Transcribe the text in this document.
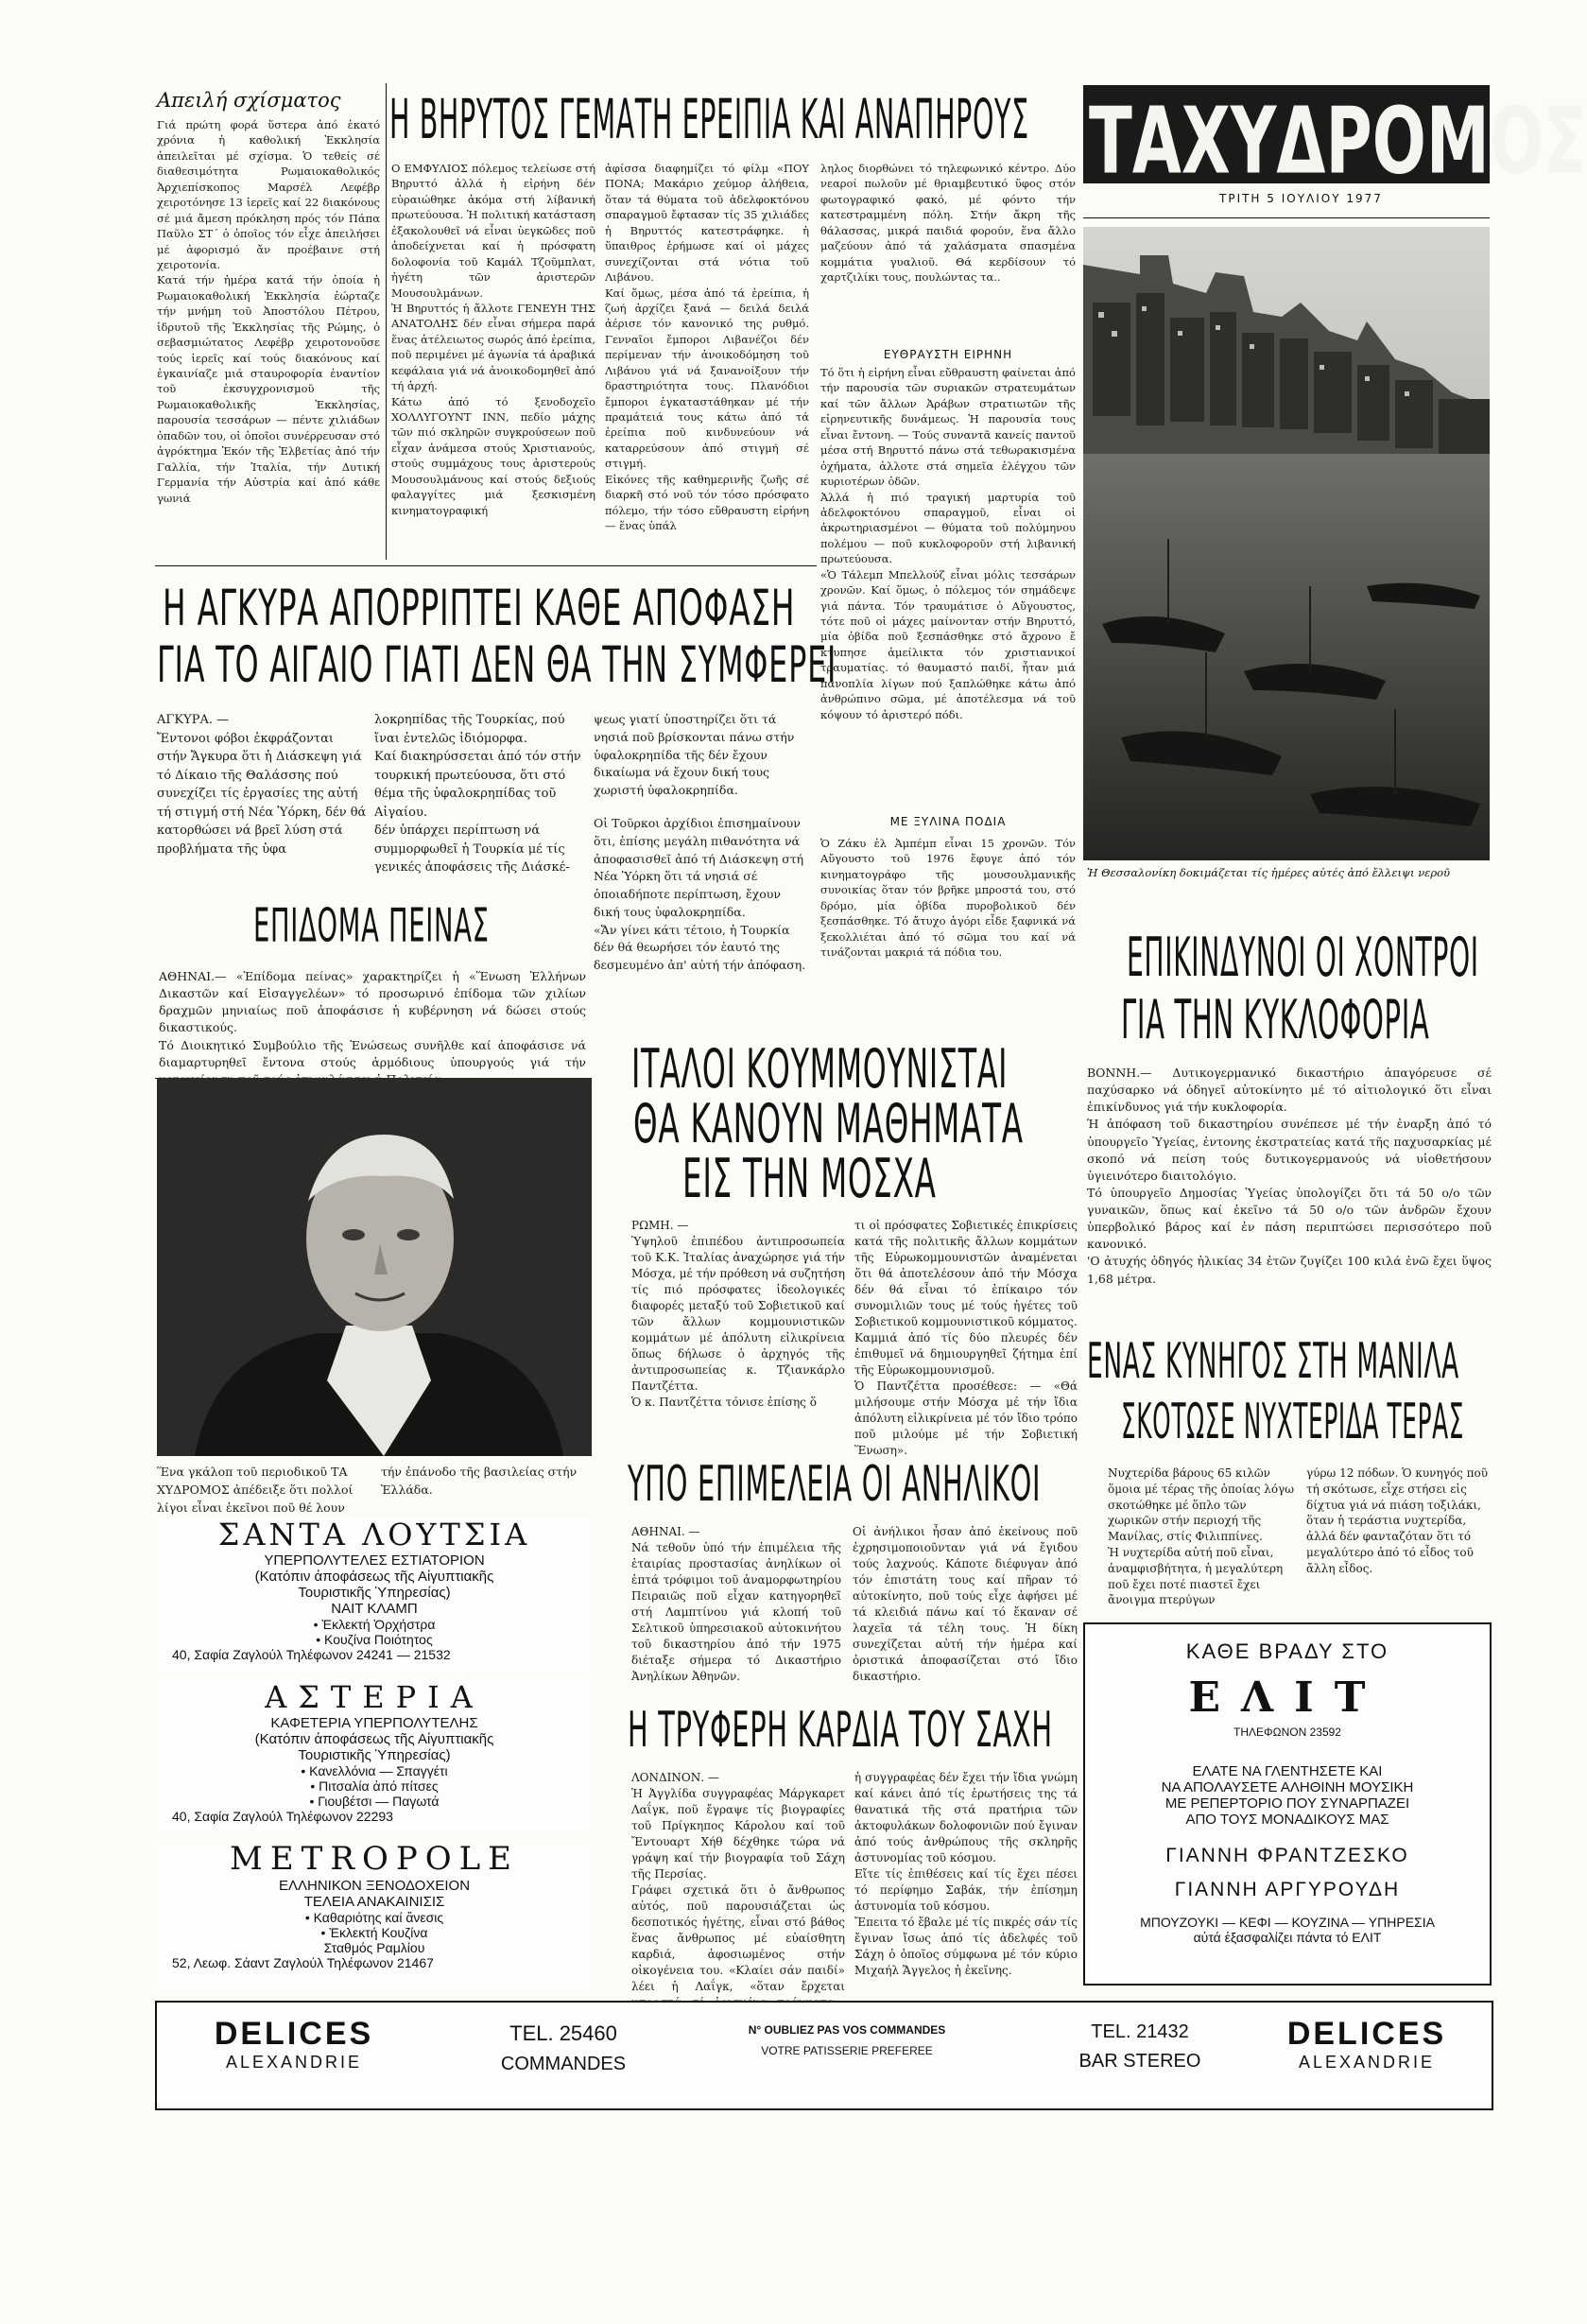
ΤΑΧΥΔΡΟΜΟΣ
ΤΡΙΤΗ 5 ΙΟΥΛΙΟΥ 1977
Απειλή σχίσματος

Γιά πρώτη φορά ὕστερα ἀπό ἑκατό χρόνια ἡ καθολική Ἐκκλησία ἀπειλεῖται μέ σχίσμα. Ὁ τεθείς σέ διαθεσιμότητα Ρωμαιοκαθολικός Ἀρχιεπίσκοπος Μαρσέλ Λεφέβρ χειροτόνησε 13 ἱερεῖς καί 22 διακόνους σέ μιά ἄμεση πρόκληση πρός τόν Πάπα Παῦλο ΣΤ΄ ὁ ὁποῖος τόν εἶχε ἀπειλήσει μέ ἀφορισμό ἄν προέβαινε στή χειροτονία.
Κατά τήν ἡμέρα κατά τήν ὁποία ἡ Ρωμαιοκαθολική Ἐκκλησία ἑώρταζε τήν μνήμη τοῦ Ἀποστόλου Πέτρου, ἱδρυτοῦ τῆς Ἐκκλησίας τῆς Ρώμης, ὁ σεβασμιώτατος Λεφέβρ χειροτονοῦσε τούς ἱερεῖς καί τούς διακόνους καί ἐγκαινίαζε μιά σταυροφορία ἐναντίον τοῦ ἐκσυγχρονισμοῦ τῆς Ρωμαιοκαθολικῆς Ἐκκλησίας, παρουσία τεσσάρων — πέντε χιλιάδων ὀπαδῶν του, οἱ ὁποῖοι συνέρρευσαν στό ἀγρόκτημα Ἐκόν τῆς Ἐλβετίας ἀπό τήν Γαλλία, τήν Ἰταλία, τήν Δυτική Γερμανία τήν Αὐστρία καί ἀπό κάθε γωνιά

Η ΒΗΡΥΤΟΣ ΓΕΜΑΤΗ ΕΡΕΙΠΙΑ ΚΑΙ ΑΝΑΠΗΡΟΥΣ

Ο ΕΜΦΥΛΙΟΣ πόλεμος τελείωσε στή Βηρυττό ἀλλά ἡ εἰρήνη δέν εὐραιώθηκε ἀκόμα στή λίβανική πρωτεύουσα. Ἡ πολιτική κατάσταση ἐξακολουθεῖ νά εἶναι ὑεγκῶδες ποῦ ἀποδείχνεται καί ἡ πρόσφατη δολοφονία τοῦ Καμάλ Τζοῦμπλατ, ἡγέτη τῶν ἀριστερῶν Μουσουλμάνων.
Ἡ Βηρυττός ἡ ἄλλοτε ΓΕΝΕΥΗ ΤΗΣ ΑΝΑΤΟΛΗΣ δέν εἶναι σήμερα παρά ἕνας ἀτέλειωτος σωρός ἀπό ἐρείπια, ποῦ περιμένει μέ ἀγωνία τά ἀραβικά κεφάλαια γιά νά ἀνοικοδομηθεῖ ἀπό τή ἀρχή.
Κάτω ἀπό τό ξενοδοχεῖο ΧΟΛΛΥΓΟΥΝΤ ΙΝΝ, πεδίο μάχης τῶν πιό σκληρῶν συγκρούσεων ποῦ εἶχαν ἀνάμεσα στούς Χριστιανούς, στούς συμμάχους τους ἀριστερούς Μουσουλμάνους καί στούς δεξιούς φαλαγγίτες μιά ξεσκισμένη κινηματογραφική

ἀφίσσα διαφημίζει τό φίλμ «ΠΟΥ ΠΟΝΑ; Μακάριο χεύμορ ἀλήθεια, ὅταν τά θύματα τοῦ ἀδελφοκτόνου σπαραγμοῦ ἔφτασαν τίς 35 χιλιάδες ἡ Βηρυττός κατεστράφηκε. ἡ ὕπαιθρος ἐρήμωσε καί οἱ μάχες συνεχίζονται στά νότια τοῦ Λιβάνου.
Καί ὅμως, μέσα ἀπό τά ἐρείπια, ἡ ζωή ἀρχίζει ξανά — δειλά δειλά ἀέρισε τόν κανονικό της ρυθμό. Γενναῖοι ἔμποροι Λιβανέζοι δέν περίμεναν τήν ἀνοικοδόμηση τοῦ Λιβάνου γιά νά ξανανοίξουν τήν δραστηριότητα τους. Πλανόδιοι ἔμποροι ἐγκαταστάθηκαν μέ τήν πραμάτειά τους κάτω ἀπό τά ἐρείπια ποῦ κινδυνεύουν νά καταρρεύσουν ἀπό στιγμή σέ στιγμή.
Εἰκόνες τῆς καθημερινῆς ζωῆς σέ διαρκῆ στό νοῦ τόν τόσο πρόσφατο πόλεμο, τήν τόσο εὔθραυστη εἰρήνη — ἕνας ὑπάλ

ληλος διορθώνει τό τηλεφωνικό κέντρο. Δύο νεαροί πωλοῦν μέ θριαμβευτικό ὕφος στόν φωτογραφικό φακό, μέ φόντο τήν κατεστραμμένη πόλη. Στήν ἄκρη τῆς θάλασσας, μικρά παιδιά φορούν, ἕνα ἄλλο μαζεύουν ἀπό τά χαλάσματα σπασμένα κομμάτια γυαλιοῦ. Θά κερδίσουν τό χαρτζιλίκι τους, πουλώντας τα..

ΕΥΘΡΑΥΣΤΗ ΕΙΡΗΝΗ

Τό ὅτι ἡ εἰρήνη εἶναι εὔθραυστη φαίνεται ἀπό τήν παρουσία τῶν συριακῶν στρατευμάτων καί τῶν ἄλλων Ἀράβων στρατιωτῶν τῆς εἰρηνευτικῆς δυνάμεως. Ἡ παρουσία τους εἶναι ἔντονη. — Τούς συναντᾶ κανείς παντοῦ μέσα στή Βηρυττό πάνω στά τεθωρακισμένα ὀχήματα, ἀλλοτε στά σημεῖα ἐλέγχου τῶν κυριοτέρων ὁδῶν.
Ἀλλά ἡ πιό τραγική μαρτυρία τοῦ ἀδελφοκτόνου σπαραγμοῦ, εἶναι οἱ ἀκρωτηριασμένοι — θύματα τοῦ πολύμηνου πολέμου — ποῦ κυκλοφοροῦν στή λιβανική πρωτεύουσα.
«Ὁ Τάλεμπ Μπελλούζ εἶναι μόλις τεσσάρων χρονῶν. Καί ὅμως, ὁ πόλεμος τόν σημάδεψε γιά πάντα. Τόν τραυμάτισε ὁ Αὔγουστος, τότε ποῦ οἱ μάχες μαίνονταν στήν Βηρυττό, μία ὀβίδα ποῦ ξεσπάσθηκε στό ἄχρονο ἔ κτυπησε ἀμείλικτα τόν χριστιανικοί τραυματίας. τό θαυμαστό παιδί, ἦταν μιά πανοπλία λίγων πού ξαπλώθηκε κάτω ἀπό ἀνθρώπινο σῶμα, μέ ἀποτέλεσμα νά τοῦ κόψουν τό ἀριστερό πόδι.

ΜΕ ΞΥΛΙΝΑ ΠΟΔΙΑ

Ὁ Ζάκυ ἐλ Ἀμπέμπ εἶναι 15 χρονῶν. Τόν Αὔγουστο τοῦ 1976 ἔφυγε ἀπό τόν κινηματογράφο τῆς μουσουλμανικῆς συνοικίας ὅταν τόν βρῆκε μπροστά του, στό δρόμο, μία ὀβίδα πυροβολικοῦ δέν ξεσπάσθηκε. Τό ἄτυχο ἀγόρι εἶδε ξαφνικά νά ξεκολλιέται ἀπό τό σῶμα του καί νά τινάζονται μακριά τά πόδια του.

Ἡ Θεσσαλονίκη δοκιμάζεται τίς ἡμέρες αὐτές ἀπό ἔλλειψι νεροῦ
Η ΑΓΚΥΡΑ ΑΠΟΡΡΙΠΤΕΙ ΚΑΘΕ ΑΠΟΦΑΣΗ
ΓΙΑ ΤΟ ΑΙΓΑΙΟ ΓΙΑΤΙ ΔΕΝ ΘΑ ΤΗΝ ΣΥΜΦΕΡΕΙ

ΑΓΚΥΡΑ. —
Ἔντονοι φόβοι ἐκφράζονται στήν Ἄγκυρα ὅτι ἡ Διάσκεψη γιά τό Δίκαιο τῆς Θαλάσσης πού συνεχίζει τίς ἐργασίες της αὐτή τή στιγμή στή Νέα Ὑόρκη, δέν θά κατορθώσει νά βρεῖ λύση στά προβλήματα τῆς ὑφα

λοκρηπίδας τῆς Τουρκίας, πού ἴναι ἐντελῶς ἰδιόμορφα.
Καί διακηρύσσεται ἀπό τόν στήν τουρκική πρωτεύουσα, ὅτι στό θέμα τῆς ὑφαλοκρηπίδας τοῦ Αἰγαίου.
δέν ὑπάρχει περίπτωση νά συμμορφωθεῖ ἡ Τουρκία μέ τίς γενικές ἀποφάσεις τῆς Διάσκέ-

ψεως γιατί ὑποστηρίζει ὅτι τά νησιά ποῦ βρίσκονται πάνω στήν ὑφαλοκρηπίδα τῆς δέν ἔχουν δικαίωμα νά ἔχουν δική τους χωριστή ὑφαλοκρηπίδα.

Οἱ Τοῦρκοι ἀρχίδιοι ἐπισημαίνουν ὅτι, ἐπίσης μεγάλη πιθανότητα νά ἀποφασισθεῖ ἀπό τή Διάσκεψη στή Νέα Ὑόρκη ὅτι τά νησιά σέ ὁποιαδήποτε περίπτωση, ἔχουν δική τους ὑφαλοκρηπίδα.
«Ἄν γίνει κάτι τέτοιο, ἡ Τουρκία δέν θά θεωρήσει τόν ἑαυτό της δεσμευμένο ἀπ' αὐτή τήν ἀπόφαση.

ΕΠΙΔΟΜΑ ΠΕΙΝΑΣ

ΑΘΗΝΑΙ.— «Ἐπίδομα πείνας» χαρακτηρίζει ἡ «Ἕνωση Ἑλλήνων Δικαστῶν καί Εἰσαγγελέων» τό προσωρινό ἐπίδομα τῶν χιλίων δραχμῶν μηνιαίως ποῦ ἀποφάσισε ἡ κυβέρνηση νά δώσει στούς δικαστικούς.
Τό Διοικητικό Συμβούλιο τῆς Ἑνώσεως συνῆλθε καί ἀποφάσισε νά διαμαρτυρηθεῖ ἔντονα στούς ἁρμόδιους ὑπουργούς γιά τήν

ΕΠΙΚΙΝΔΥΝΟΙ ΟΙ ΧΟΝΤΡΟΙ
ΓΙΑ ΤΗΝ ΚΥΚΛΟΦΟΡΙΑ

ΒΟΝΝΗ.— Δυτικογερμανικό δικαστήριο ἀπαγόρευσε σέ παχύσαρκο νά ὁδηγεῖ αὐτοκίνητο μέ τό αἰτιολογικό ὅτι εἶναι ἐπικίνδυνος γιά τήν κυκλοφορία.
Ἡ ἀπόφαση τοῦ δικαστηρίου συνέπεσε μέ τήν ἐναρξη ἀπό τό ὑπουργεῖο Ὑγείας, ἐντονης ἐκστρατείας κατά τῆς παχυσαρκίας μέ σκοπό νά πείση τούς δυτικογερμανούς νά υἱοθετήσουν ὑγιεινότερο διαιτολόγιο.
Τό ὑπουργεῖο Δημοσίας Ὑγείας ὑπολογίζει ὅτι τά 50 ο/ο τῶν γυναικῶν, ὅπως καί ἐκεῖνο τά 50 ο/ο τῶν ἀνδρῶν ἔχουν ὑπερβολικό βάρος καί ἐν πάση περιπτώσει περισσότερο ποῦ κανονικό.
'Ο ἀτυχής ὁδηγός ἡλικίας 34 ἐτῶν ζυγίζει 100 κιλά ἐνῶ ἔχει ὕψος 1,68 μέτρα.

ΕΝΑΣ ΚΥΝΗΓΟΣ ΣΤΗ ΜΑΝΙΛΑ
ΣΚΟΤΩΣΕ ΝΥΧΤΕΡΙΔΑ ΤΕΡΑΣ

Νυχτερίδα βάρους 65 κιλῶν ὅμοια μέ τέρας τῆς ὁποίας λόγω σκοτώθηκε μέ ὅπλο τῶν χωρικῶν στήν περιοχή τῆς Μανίλας, στίς Φιλιππίνες.
Ἡ νυχτερίδα αὐτή ποῦ εἶναι, ἀναμφισβήτητα, ἡ μεγαλύτερη ποῦ ἔχει ποτέ πιαστεῖ ἔχει ἄνοιγμα πτερύγων

γύρω 12 πόδων. Ὁ κυνηγός ποῦ τή σκότωσε, εἶχε στήσει εἰς δίχτυα γιά νά πιάση τοξιλάκι, ὅταν ἡ τεράστια νυχτερίδα, ἀλλά δέν φανταζόταν ὅτι τό μεγαλύτερο ἀπό τό εἶδος τοῦ ἄλλη εἶδος.

ΙΤΑΛΟΙ ΚΟΥΜΜΟΥΝΙΣΤΑΙ
ΘΑ ΚΑΝΟΥΝ ΜΑΘΗΜΑΤΑ
ΕΙΣ ΤΗΝ ΜΟΣΧΑ

ΡΩΜΗ. —
Ὑψηλοῦ ἐπιπέδου ἀντιπροσωπεία τοῦ Κ.Κ. Ἰταλίας ἀναχώρησε γιά τήν Μόσχα, μέ τήν πρόθεση νά συζητήση τίς πιό πρόσφατες ἰδεολογικές διαφορές μεταξύ τοῦ Σοβιετικοῦ καί τῶν ἄλλων κομμουνιστικῶν κομμάτων μέ ἀπόλυτη εἰλικρίνεια ὅπως δήλωσε ὁ ἀρχηγός τῆς ἀντιπροσωπείας κ. Τζιανκάρλο Παντζέττα.
Ὁ κ. Παντζέττα τόνισε ἐπίσης ὅ

τι οἱ πρόσφατες Σοβιετικές ἐπικρίσεις κατά τῆς πολιτικῆς ἄλλων κομμάτων τῆς Εὐρωκομμουνιστῶν ἀναμένεται ὅτι θά ἀποτελέσουν ἀπό τήν Μόσχα δέν θά εἶναι τό ἐπίκαιρο τόν συνομιλιῶν τους μέ τούς ἡγέτες τοῦ Σοβιετικοῦ κομμουνιστικοῦ κόμματος.
Καμμιά ἀπό τίς δύο πλευρές δέν ἐπιθυμεῖ νά δημιουργηθεῖ ζήτημα ἐπί τῆς Εὐρωκομμουνισμοῦ.
Ὁ Παντζέττα προσέθεσε: — «Θά μιλήσουμε στήν Μόσχα μέ τήν ἴδια ἀπόλυτη εἰλικρίνεια μέ τόν ἴδιο τρόπο ποῦ μιλούμε μέ τήν Σοβιετική Ἕνωση».

ΥΠΟ ΕΠΙΜΕΛΕΙΑ ΟΙ ΑΝΗΛΙΚΟΙ

ΑΘΗΝΑΙ. —
Νά τεθοῦν ὑπό τήν ἐπιμέλεια τῆς ἑταιρίας προστασίας ἀνηλίκων οἱ ἑπτά τρόφιμοι τοῦ ἀναμορφωτηρίου Πειραιῶς ποῦ εἶχαν κατηγορηθεῖ στή Λαμπτίνου γιά κλοπή τοῦ Σελτικοῦ ὑπηρεσιακοῦ αὐτοκινήτου τοῦ δικαστηρίου ἀπό τήν 1975 διέταξε σήμερα τό Δικαστήριο Ἀνηλίκων Ἀθηνῶν.

Οἱ ἀνήλικοι ἦσαν ἀπό ἐκείνους ποῦ ἐχρησιμοποιοῦνταν γιά νά ἔγιδου τούς λαχνούς. Κάποτε διέφυγαν ἀπό τόν ἐπιστάτη τους καί πῆραν τό αὐτοκίνητο, ποῦ τούς εἶχε ἀφήσει μέ τά κλειδιά πάνω καί τό ἔκαναν σέ λαχεῖα τά τέλη τους. Ἡ δίκη συνεχίζεται αὐτή τήν ἡμέρα καί ὀριστικά ἀποφασίζεται στό ἴδιο δικαστήριο.

Η ΤΡΥΦΕΡΗ ΚΑΡΔΙΑ ΤΟΥ ΣΑΧΗ

ΛΟΝΔΙΝΟΝ. —
Ἡ Ἀγγλίδα συγγραφέας Μάργκαρετ Λαΐγκ, ποῦ ἔγραψε τίς βιογραφίες τοῦ Πρίγκηπος Κάρολου καί τοῦ Ἔντουαρτ Χήθ δέχθηκε τώρα νά γράψη καί τήν βιογραφία τοῦ Σάχη τῆς Περσίας.
Γράφει σχετικά ὅτι ὁ ἄνθρωπος αὐτός, ποῦ παρουσιάζεται ὡς δεσποτικός ἡγέτης, εἶναι στό βάθος ἕνας ἄνθρωπος μέ εὐαίσθητη καρδιά, ἀφοσιωμένος στήν οἰκογένεια του. «Κλαίει σάν παιδί» λέει ἡ Λαΐγκ, «ὅταν ἔρχεται

ἡ συγγραφέας δέν ἔχει τήν ἴδια γνώμη καί κάνει ἀπό τίς ἐρωτήσεις της τά θανατικά τῆς στά πρατήρια τῶν ἀκτοφυλάκων δολοφονιῶν πού ἔγιναν ἀπό τούς ἀνθρώπους τῆς σκληρῆς ἀστυνομίας τοῦ κόσμου.
Εἴτε τίς ἐπιθέσεις καί τίς ἔχει πέσει τό περίφημο Σαβάκ, τήν ἐπίσημη ἀστυνομία τοῦ κόσμου.
Ἔπειτα τό ἔβαλε μέ τίς πικρές σάν τίς ἔγιναν ἴσως ἀπό τίς ἀδελφές τοῦ Σάχη ὁ ὁποῖος σύμφωνα μέ τόν κύριο Μιχαήλ Ἄγγελος ἡ ἐκεῖνης.

Ἕνα γκάλοπ τοῦ περιοδικοῦ ΤΑ ΧΥΔΡΟΜΟΣ ἀπέδειξε ὅτι πολλοί λίγοι εἶναι ἐκεῖνοι ποῦ θέ λουν τήν ἐπάνοδο τῆς βασιλείας στήν Ἑλλάδα.

ΣΑΝΤΑ ΛΟΥΤΣΙΑ

ΥΠΕΡΠΟΛΥΤΕΛΕΣ ΕΣΤΙΑΤΟΡΙΟΝ

(Κατόπιν ἀποφάσεως τῆς Αἰγυπτιακῆς

Τουριστικῆς Ὑπηρεσίας)

ΝΑΙΤ ΚΛΑΜΠ

• Ἐκλεκτή Ὀρχήστρα

• Κουζίνα Ποιότητος

40, Σαφία Ζαγλούλ Τηλέφωνον 24241 — 21532

ΑΣΤΕΡΙΑ

ΚΑΦΕΤΕΡΙΑ ΥΠΕΡΠΟΛΥΤΕΛΗΣ

(Κατόπιν ἀποφάσεως τῆς Αἰγυπτιακῆς

Τουριστικῆς Ὑπηρεσίας)

• Κανελλόνια — Σπαγγέτι

• Πιτσαλία ἀπό πίτσες

• Γιουβέτσι — Παγωτά

40, Σαφία Ζαγλούλ Τηλέφωνον 22293

METROPOLE

ΕΛΛΗΝΙΚΟΝ ΞΕΝΟΔΟΧΕΙΟΝ

ΤΕΛΕΙΑ ΑΝΑΚΑΙΝΙΣΙΣ

• Καθαριότης καί ἄνεσις

• Ἐκλεκτή Κουζίνα

Σταθμός Ραμλίου

52, Λεωφ. Σάαντ Ζαγλούλ Τηλέφωνον 21467

ΚΑΘΕ ΒΡΑΔΥ ΣΤΟ

ΕΛΙΤ

ΤΗΛΕΦΩΝΟΝ 23592

ΕΛΑΤΕ ΝΑ ΓΛΕΝΤΗΣΕΤΕ ΚΑΙ

ΝΑ ΑΠΟΛΑΥΣΕΤΕ ΑΛΗΘΙΝΗ ΜΟΥΣΙΚΗ

ΜΕ ΡΕΠΕΡΤΟΡΙΟ ΠΟΥ ΣΥΝΑΡΠΑΖΕΙ

ΑΠΟ ΤΟΥΣ ΜΟΝΑΔΙΚΟΥΣ ΜΑΣ

ΓΙΑΝΝΗ ΦΡΑΝΤΖΕΣΚΟ

ΓΙΑΝΝΗ ΑΡΓΥΡΟΥΔΗ

ΜΠΟΥΖΟΥΚΙ — ΚΕΦΙ — ΚΟΥΖΙΝΑ — ΥΠΗΡΕΣΙΑ

αὐτά ἐξασφαλίζει πάντα τό ΕΛΙΤ

DELICES

ALEXANDRIE

TEL. 25460

COMMANDES

N° OUBLIEZ PAS VOS COMMANDES

VOTRE PATISSERIE PREFEREE

TEL. 21432

BAR STEREO

DELICES

ALEXANDRIE
